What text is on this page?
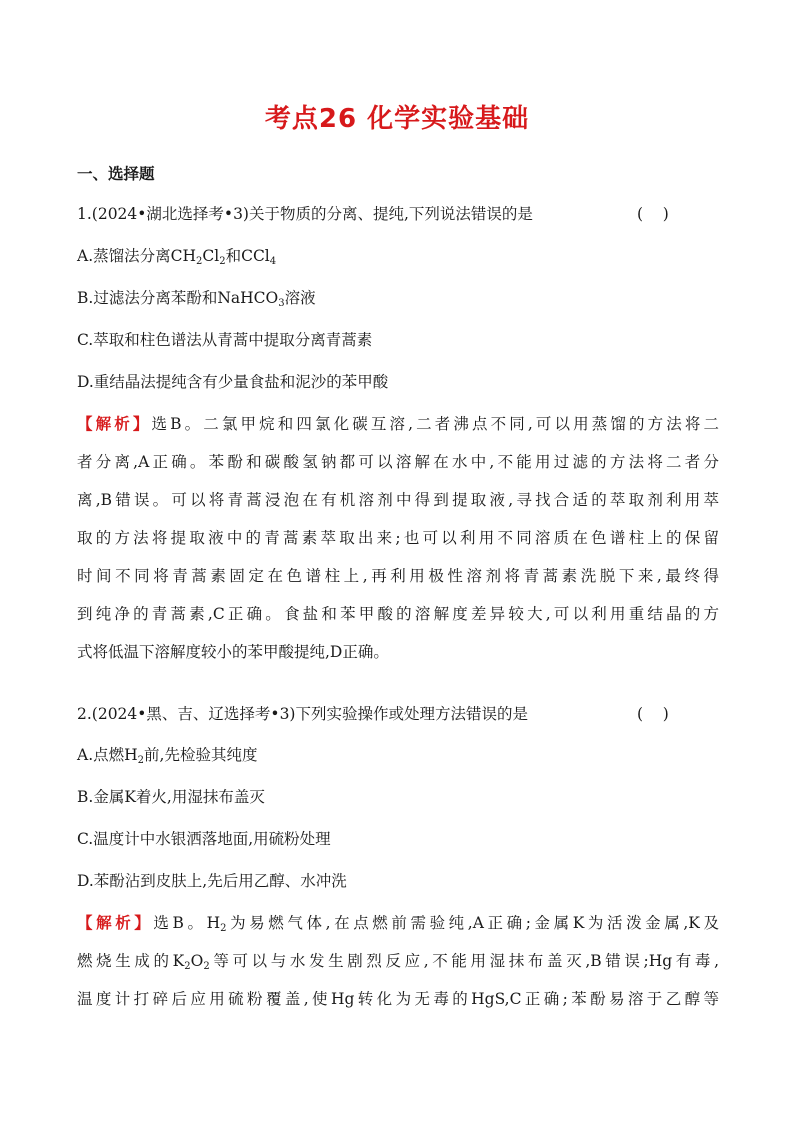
考点26 化学实验基础
一、选择题
1.(2024•湖北选择考•3)关于物质的分离、提纯,下列说法错误的是	(    )
A.蒸馏法分离$CH_2Cl_2$和CCl$_4$
B.过滤法分离苯酚和NaHCO$_3$溶液
C.萃取和柱色谱法从青蒿中提取分离青蒿素
D.重结晶法提纯含有少量食盐和泥沙的苯甲酸
【解析】选B。二氯甲烷和四氯化碳互溶,二者沸点不同,可以用蒸馏的方法将二
者分离,A正确。苯酚和碳酸氢钠都可以溶解在水中,不能用过滤的方法将二者分
离,B错误。可以将青蒿浸泡在有机溶剂中得到提取液,寻找合适的萃取剂利用萃
取的方法将提取液中的青蒿素萃取出来;也可以利用不同溶质在色谱柱上的保留
时间不同将青蒿素固定在色谱柱上,再利用极性溶剂将青蒿素洗脱下来,最终得
到纯净的青蒿素,C正确。食盐和苯甲酸的溶解度差异较大,可以利用重结晶的方
式将低温下溶解度较小的苯甲酸提纯,D正确。
2.(2024•黑、吉、辽选择考•3)下列实验操作或处理方法错误的是	(    )
A.点燃$H_2$前,先检验其纯度
B.金属K着火,用湿抹布盖灭
C.温度计中水银洒落地面,用硫粉处理
D.苯酚沾到皮肤上,先后用乙醇、水冲洗
【解析】选B。$H_2$为易燃气体,在点燃前需验纯,A正确;金属K为活泼金属,K及
燃烧生成的$K_2O_2$等可以与水发生剧烈反应,不能用湿抹布盖灭,B错误;Hg有毒,
温度计打碎后应用硫粉覆盖,使Hg转化为无毒的HgS,C正确;苯酚易溶于乙醇等
